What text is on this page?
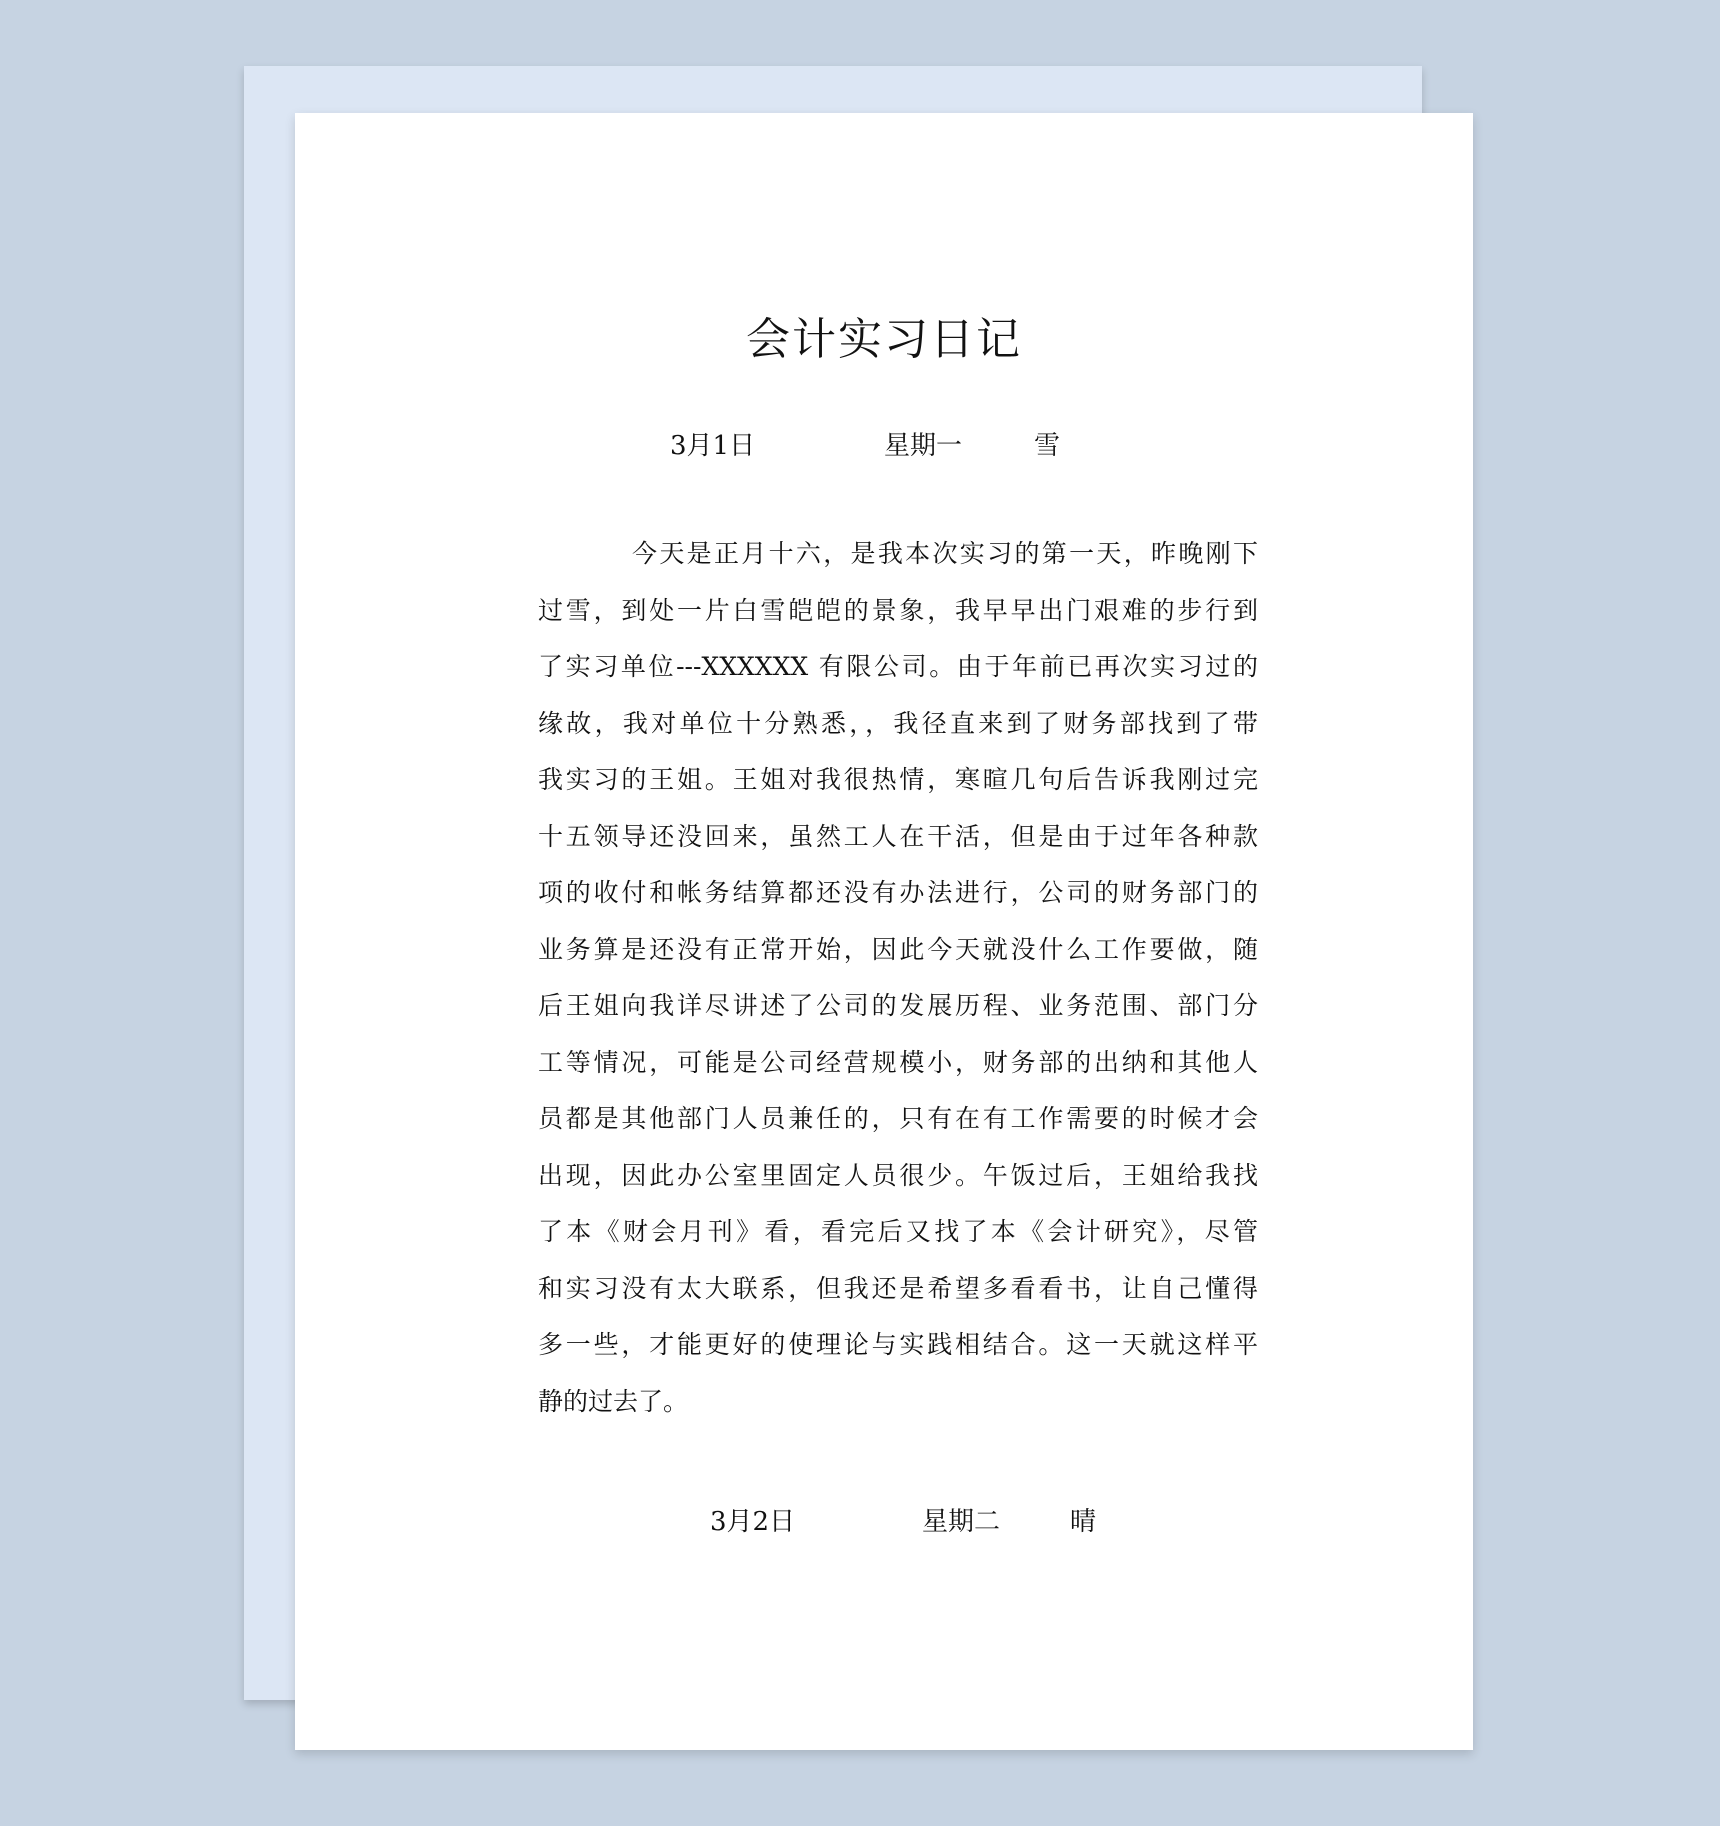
会计实习日记
3月1日	星期一	雪
今天是正月十六，是我本次实习的第一天，昨晚刚下
过雪，到处一片白雪皑皑的景象，我早早出门艰难的步行到
了实习单位---XXXXXX 有限公司。由于年前已再次实习过的
缘故，我对单位十分熟悉，，我径直来到了财务部找到了带
我实习的王姐。王姐对我很热情，寒暄几句后告诉我刚过完
十五领导还没回来，虽然工人在干活，但是由于过年各种款
项的收付和帐务结算都还没有办法进行，公司的财务部门的
业务算是还没有正常开始，因此今天就没什么工作要做，随
后王姐向我详尽讲述了公司的发展历程、业务范围、部门分
工等情况，可能是公司经营规模小，财务部的出纳和其他人
员都是其他部门人员兼任的，只有在有工作需要的时候才会
出现，因此办公室里固定人员很少。午饭过后，王姐给我找
了本《财会月刊》看，看完后又找了本《会计研究》，尽管
和实习没有太大联系，但我还是希望多看看书，让自己懂得
多一些，才能更好的使理论与实践相结合。这一天就这样平
静的过去了。
3月2日	星期二	晴
